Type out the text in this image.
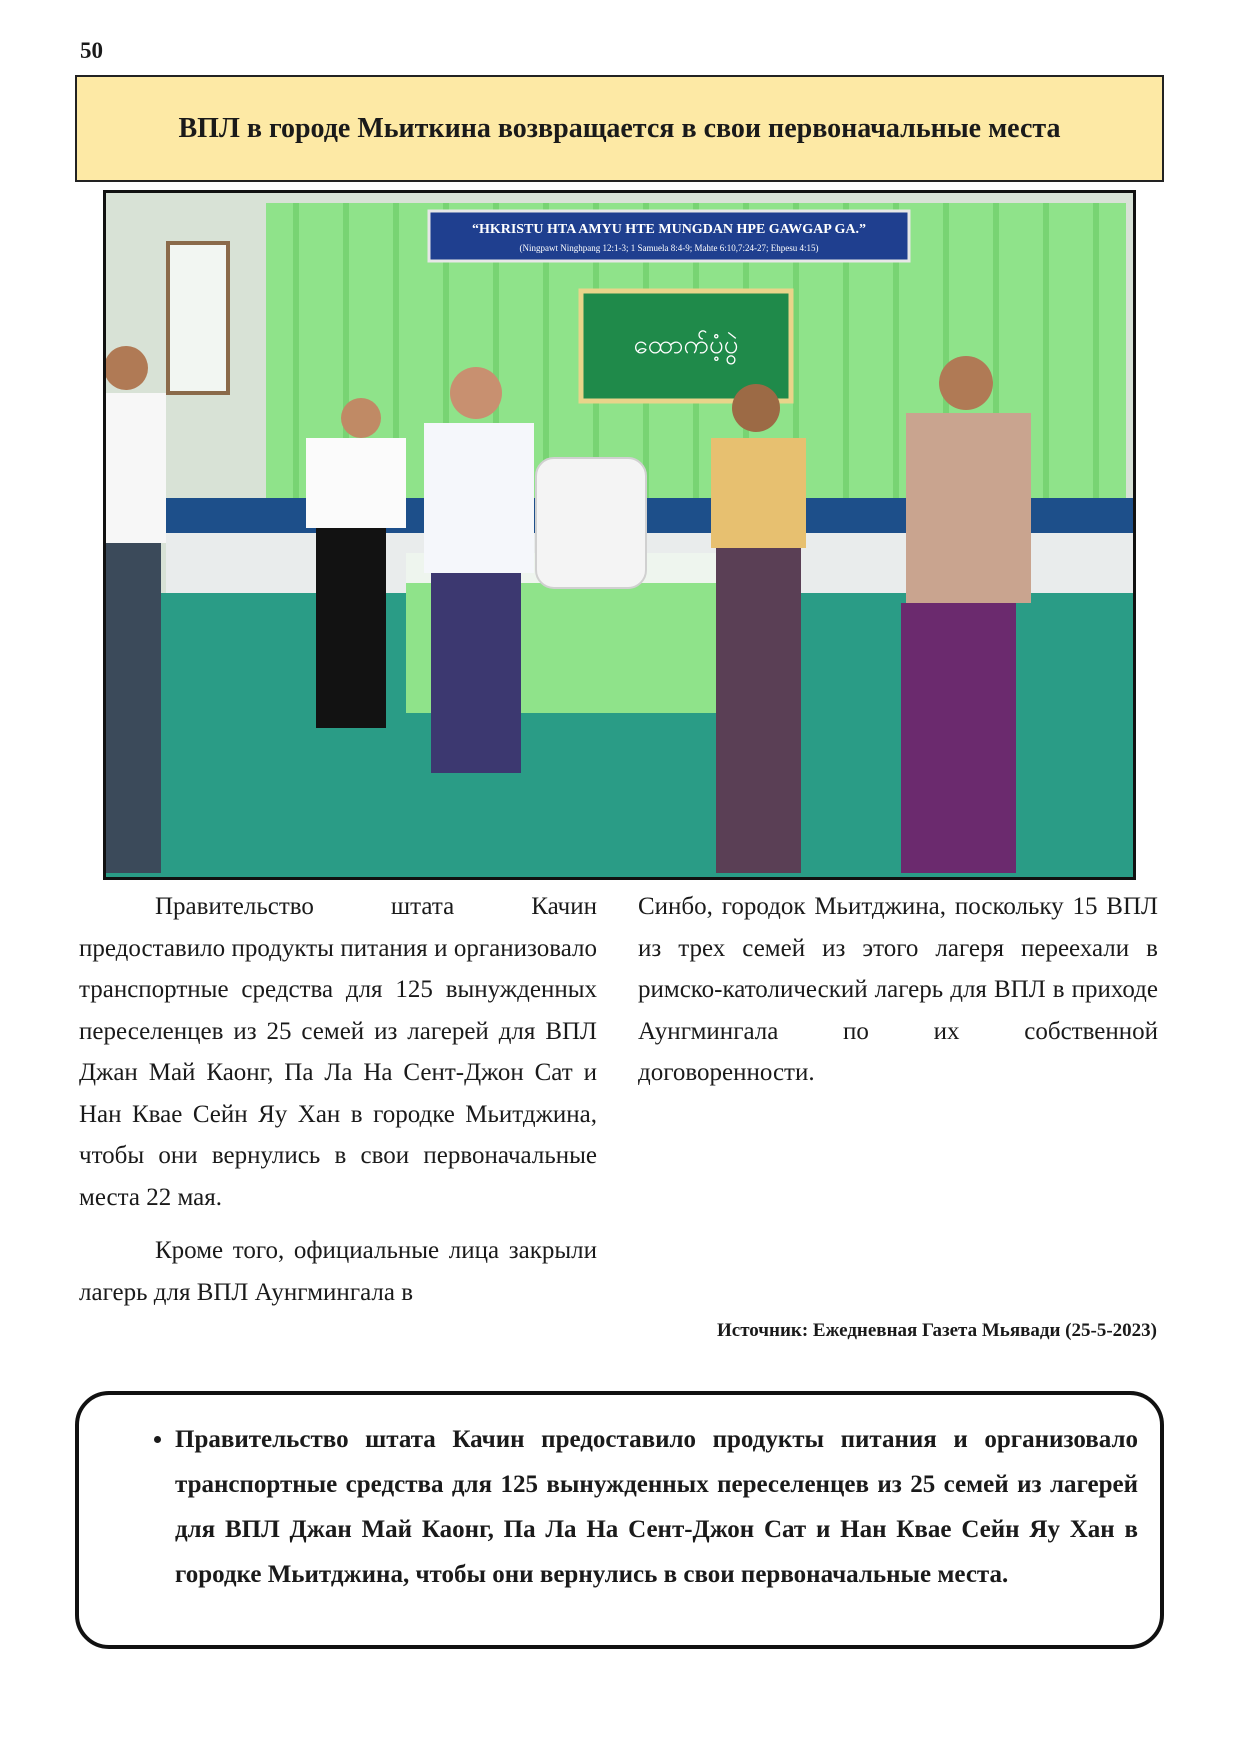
50
ВПЛ в городе Мьиткина возвращается в свои первоначальные места
“HKRISTU HTA AMYU HTE MUNGDAN HPE GAWGAP GA.”
(Ningpawt Ninghpang 12:1-3; 1 Samuela 8:4-9; Mahte 6:10,7:24-27; Ehpesu 4:15)
ထောက်ပံ့ပွဲ

Правительство штата Качин предоставило продукты питания и организовало транспортные средства для 125 вынужденных переселенцев из 25 семей из лагерей для ВПЛ Джан Май Каонг, Па Ла На Сент-Джон Сат и Нан Кваe Сейн Яу Хан в городке Мьитджина, чтобы они вернулись в свои первоначальные места 22 мая.

Кроме того, официальные лица закрыли лагерь для ВПЛ Аунгмингала в

Синбо, городок Мьитджина, поскольку 15 ВПЛ из трех семей из этого лагеря переехали в римско-католический лагерь для ВПЛ в приходе Аунгмингала по их собственной договоренности.

Источник: Ежедневная Газета Мьявади (25-5-2023)
• Правительство штата Качин предоставило продукты питания и организовало транспортные средства для 125 вынужденных переселенцев из 25 семей из лагерей для ВПЛ Джан Май Каонг, Па Ла На Сент-Джон Сат и Нан Кваe Сейн Яу Хан в городке Мьитджина, чтобы они вернулись в свои первоначальные места.
